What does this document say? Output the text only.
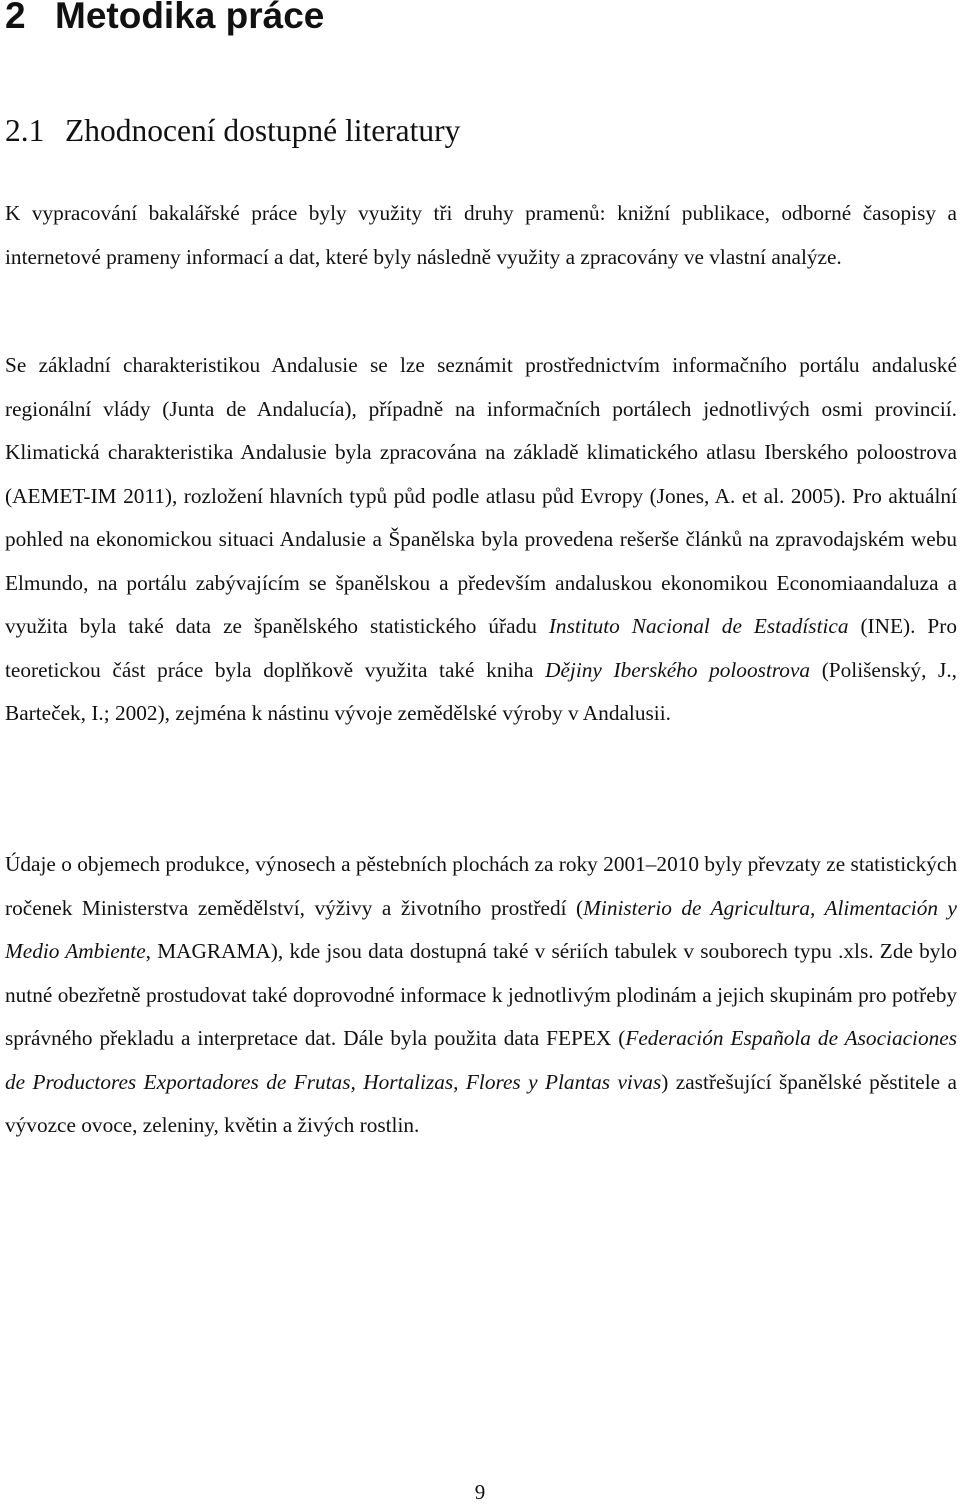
2 Metodika práce
2.1 Zhodnocení dostupné literatury

K vypracování bakalářské práce byly využity tři druhy pramenů: knižní publikace, odborné časopisy a internetové prameny informací a dat, které byly následně využity a zpracovány ve vlastní analýze.

Se základní charakteristikou Andalusie se lze seznámit prostřednictvím informačního portálu andaluské regionální vlády (Junta de Andalucía), případně na informačních portálech jednotlivých osmi provincií. Klimatická charakteristika Andalusie byla zpracována na základě klimatického atlasu Iberského poloostrova (AEMET-IM 2011), rozložení hlavních typů půd podle atlasu půd Evropy (Jones, A. et al. 2005). Pro aktuální pohled na ekonomickou situaci Andalusie a Španělska byla provedena rešerše článků na zpravodajském webu Elmundo, na portálu zabývajícím se španělskou a především andaluskou ekonomikou Economiaandaluza a využita byla také data ze španělského statistického úřadu Instituto Nacional de Estadística (INE). Pro teoretickou část práce byla doplňkově využita také kniha Dějiny Iberského poloostrova (Polišenský, J., Barteček, I.; 2002), zejména k nástinu vývoje zemědělské výroby v Andalusii.

Údaje o objemech produkce, výnosech a pěstebních plochách za roky 2001–2010 byly převzaty ze statistických ročenek Ministerstva zemědělství, výživy a životního prostředí (Ministerio de Agricultura, Alimentación y Medio Ambiente, MAGRAMA), kde jsou data dostupná také v sériích tabulek v souborech typu .xls. Zde bylo nutné obezřetně prostudovat také doprovodné informace k jednotlivým plodinám a jejich skupinám pro potřeby správného překladu a interpretace dat. Dále byla použita data FEPEX (Federación Española de Asociaciones de Productores Exportadores de Frutas, Hortalizas, Flores y Plantas vivas) zastřešující španělské pěstitele a vývozce ovoce, zeleniny, květin a živých rostlin.

9
